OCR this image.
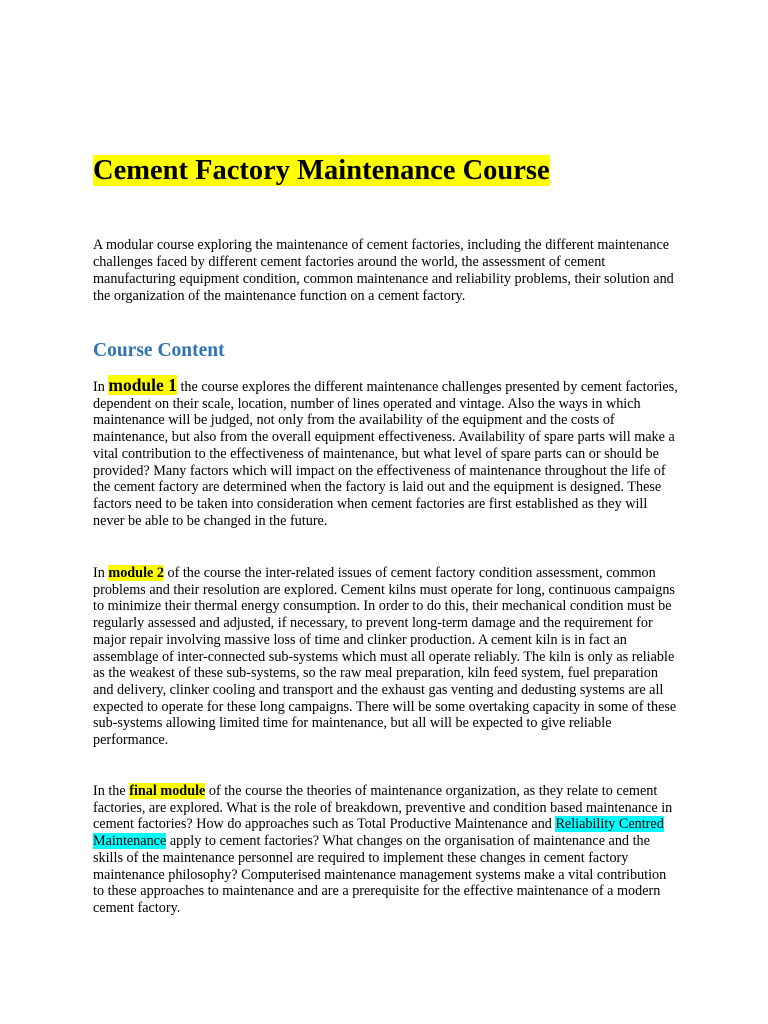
Cement Factory Maintenance Course

A modular course exploring the maintenance of cement factories, including the different maintenance challenges faced by different cement factories around the world, the assessment of cement manufacturing equipment condition, common maintenance and reliability problems, their solution and the organization of the maintenance function on a cement factory.

Course Content

In module 1 the course explores the different maintenance challenges presented by cement factories, dependent on their scale, location, number of lines operated and vintage. Also the ways in which maintenance will be judged, not only from the availability of the equipment and the costs of maintenance, but also from the overall equipment effectiveness. Availability of spare parts will make a vital contribution to the effectiveness of maintenance, but what level of spare parts can or should be provided? Many factors which will impact on the effectiveness of maintenance throughout the life of the cement factory are determined when the factory is laid out and the equipment is designed. These factors need to be taken into consideration when cement factories are first established as they will never be able to be changed in the future.

In module 2 of the course the inter-related issues of cement factory condition assessment, common problems and their resolution are explored. Cement kilns must operate for long, continuous campaigns to minimize their thermal energy consumption. In order to do this, their mechanical condition must be regularly assessed and adjusted, if necessary, to prevent long-term damage and the requirement for major repair involving massive loss of time and clinker production. A cement kiln is in fact an assemblage of inter-connected sub-systems which must all operate reliably. The kiln is only as reliable as the weakest of these sub-systems, so the raw meal preparation, kiln feed system, fuel preparation and delivery, clinker cooling and transport and the exhaust gas venting and dedusting systems are all expected to operate for these long campaigns. There will be some overtaking capacity in some of these sub-systems allowing limited time for maintenance, but all will be expected to give reliable performance.

In the final module of the course the theories of maintenance organization, as they relate to cement factories, are explored. What is the role of breakdown, preventive and condition based maintenance in cement factories? How do approaches such as Total Productive Maintenance and Reliability Centred Maintenance apply to cement factories? What changes on the organisation of maintenance and the skills of the maintenance personnel are required to implement these changes in cement factory maintenance philosophy? Computerised maintenance management systems make a vital contribution to these approaches to maintenance and are a prerequisite for the effective maintenance of a modern cement factory.
